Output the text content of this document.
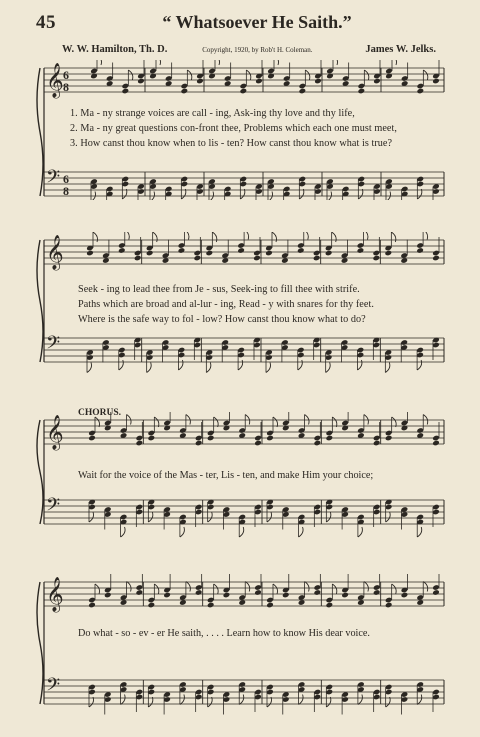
45	“ Whatsoever He Saith.”
W. W. Hamilton, Th. D.	Copyright, 1920, by Rob't H. Coleman.	James W. Jelks.
𝄞 6
8
𝄢 6
8
1. Ma - ny strange voices are call - ing, Ask-ing thy love and thy life,
2. Ma - ny great questions con-front thee, Problems which each one must meet,
3. How canst thou know when to lis - ten? How canst thou know what is true?
𝄞
𝄢
Seek - ing to lead thee from Je - sus, Seek-ing to fill thee with strife.
Paths which are broad and al-lur - ing, Read - y with snares for thy feet.
Where is the safe way to fol - low? How canst thou know what to do?
CHORUS.
𝄞
𝄢
Wait for the voice of the Mas - ter, Lis - ten, and make Him your choice;
𝄞
𝄢
Do what - so - ev - er He saith, . . . . Learn how to know His dear voice.
